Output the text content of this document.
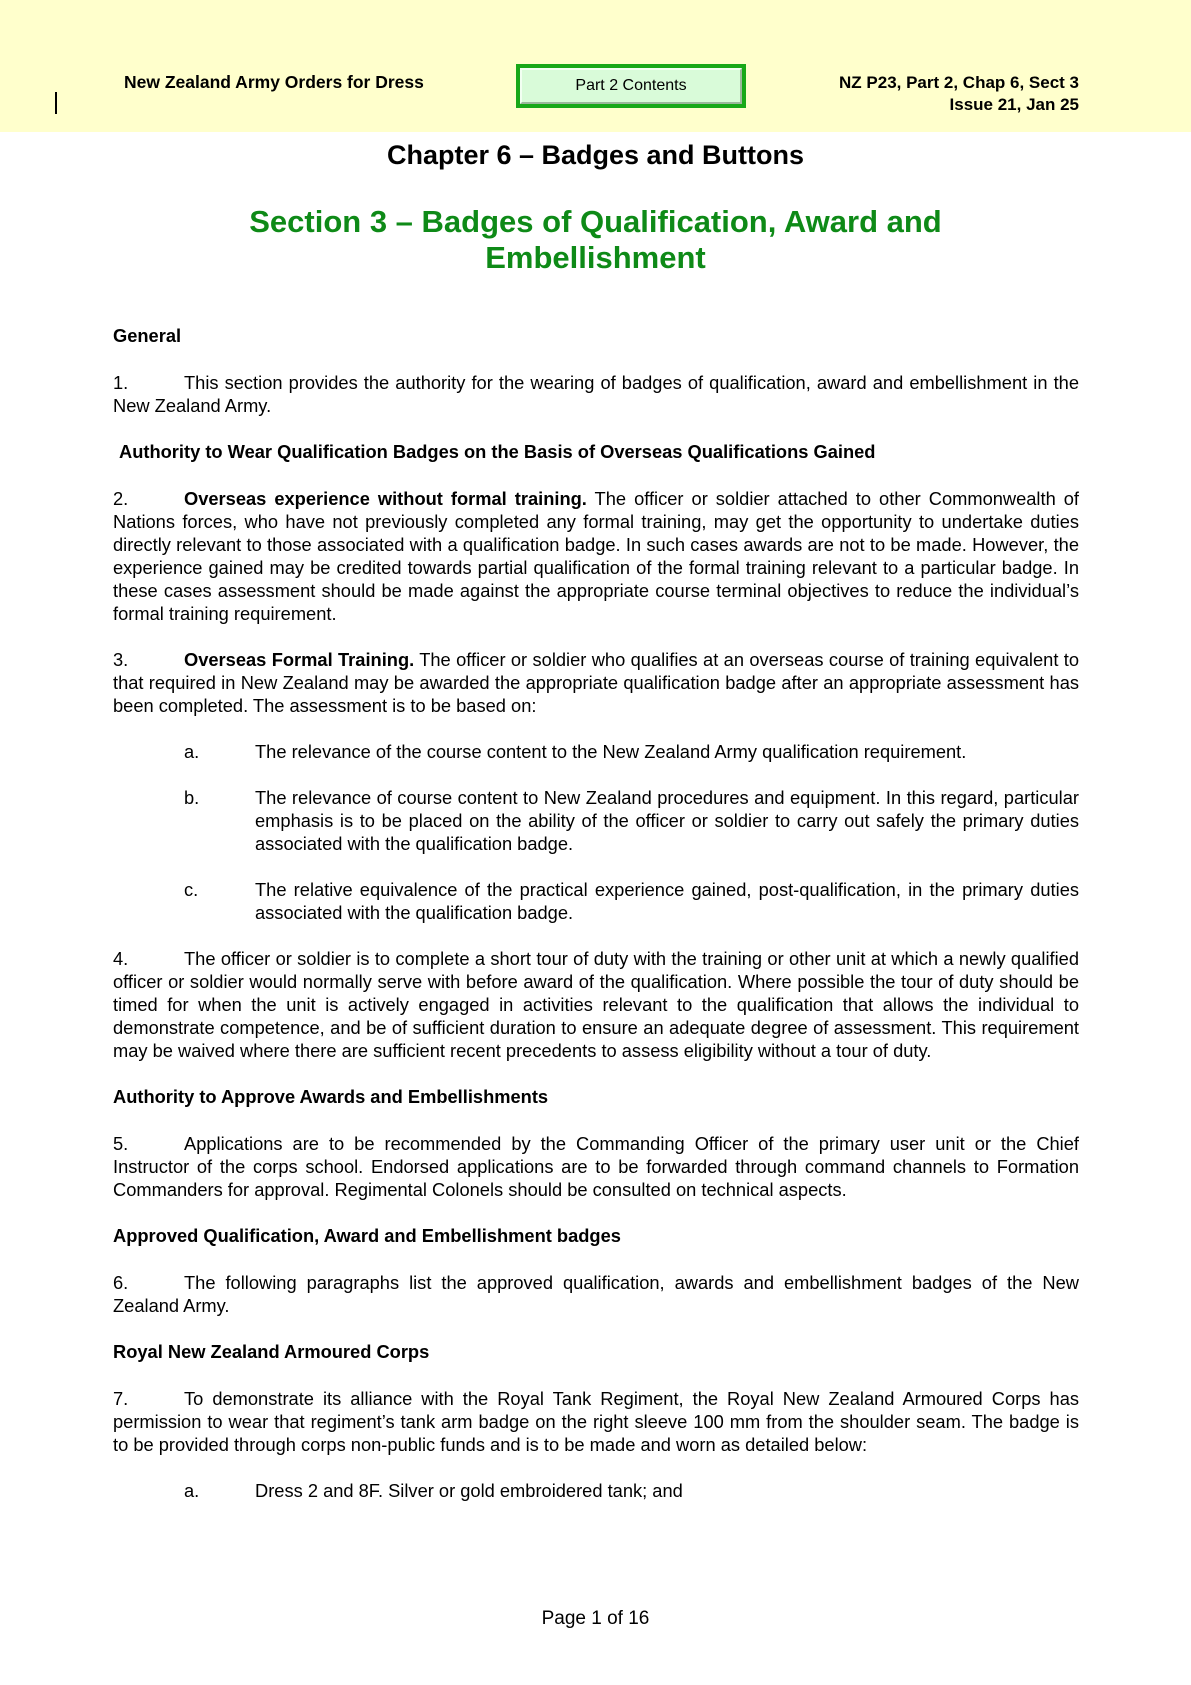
New Zealand Army Orders for Dress	Part 2 Contents	NZ P23, Part 2, Chap 6, Sect 3
Issue 21, Jan 25
Chapter 6 – Badges and Buttons
Section 3 – Badges of Qualification, Award and Embellishment
General
1.	This section provides the authority for the wearing of badges of qualification, award and embellishment in the New Zealand Army.
Authority to Wear Qualification Badges on the Basis of Overseas Qualifications Gained
2.	Overseas experience without formal training. The officer or soldier attached to other Commonwealth of Nations forces, who have not previously completed any formal training, may get the opportunity to undertake duties directly relevant to those associated with a qualification badge. In such cases awards are not to be made. However, the experience gained may be credited towards partial qualification of the formal training relevant to a particular badge. In these cases assessment should be made against the appropriate course terminal objectives to reduce the individual’s formal training requirement.
3.	Overseas Formal Training. The officer or soldier who qualifies at an overseas course of training equivalent to that required in New Zealand may be awarded the appropriate qualification badge after an appropriate assessment has been completed. The assessment is to be based on:
a.	The relevance of the course content to the New Zealand Army qualification requirement.
b.	The relevance of course content to New Zealand procedures and equipment. In this regard, particular emphasis is to be placed on the ability of the officer or soldier to carry out safely the primary duties associated with the qualification badge.
c.	The relative equivalence of the practical experience gained, post-qualification, in the primary duties associated with the qualification badge.
4.	The officer or soldier is to complete a short tour of duty with the training or other unit at which a newly qualified officer or soldier would normally serve with before award of the qualification. Where possible the tour of duty should be timed for when the unit is actively engaged in activities relevant to the qualification that allows the individual to demonstrate competence, and be of sufficient duration to ensure an adequate degree of assessment. This requirement may be waived where there are sufficient recent precedents to assess eligibility without a tour of duty.
Authority to Approve Awards and Embellishments
5.	Applications are to be recommended by the Commanding Officer of the primary user unit or the Chief Instructor of the corps school. Endorsed applications are to be forwarded through command channels to Formation Commanders for approval. Regimental Colonels should be consulted on technical aspects.
Approved Qualification, Award and Embellishment badges
6.	The following paragraphs list the approved qualification, awards and embellishment badges of the New Zealand Army.
Royal New Zealand Armoured Corps
7.	To demonstrate its alliance with the Royal Tank Regiment, the Royal New Zealand Armoured Corps has permission to wear that regiment’s tank arm badge on the right sleeve 100 mm from the shoulder seam. The badge is to be provided through corps non-public funds and is to be made and worn as detailed below:
a.	Dress 2 and 8F. Silver or gold embroidered tank; and
Page 1 of 16
